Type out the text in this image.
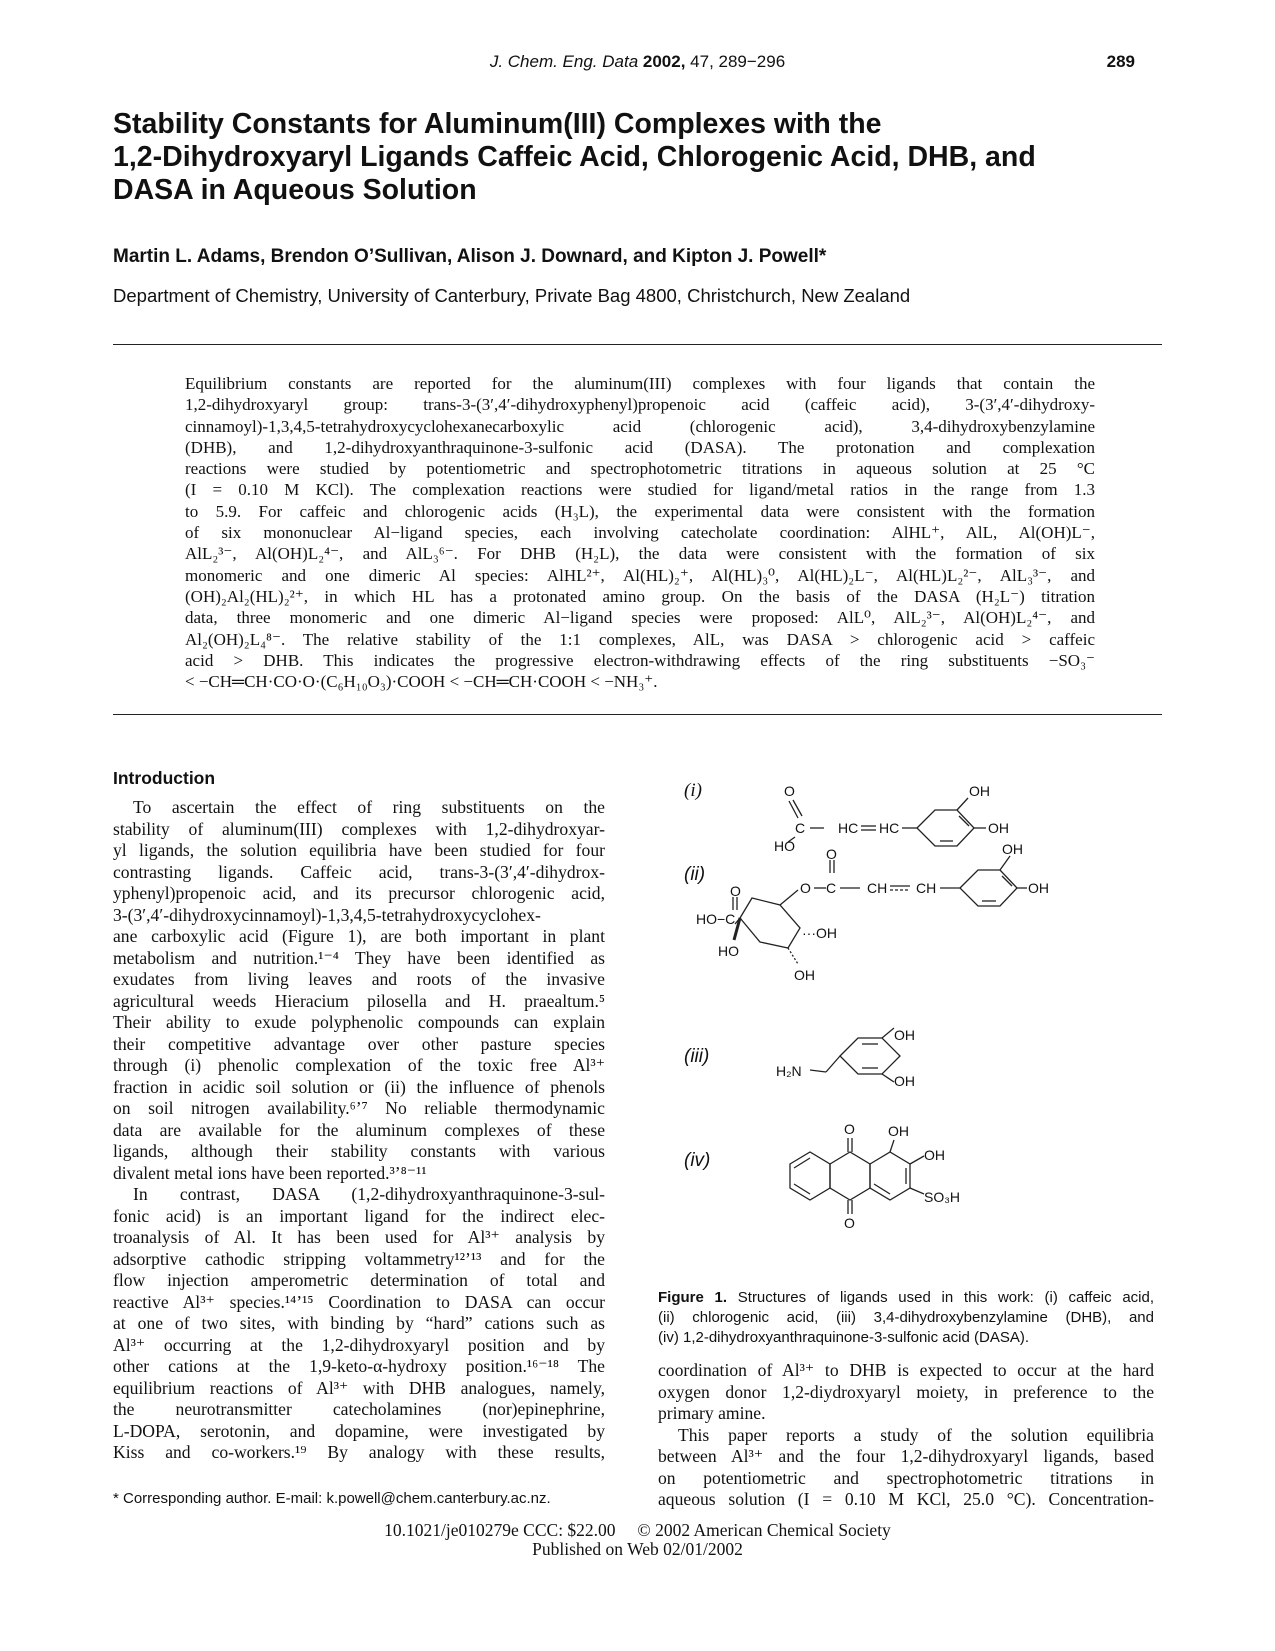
J. Chem. Eng. Data 2002, 47, 289−296	289
Stability Constants for Aluminum(III) Complexes with the
1,2-Dihydroxyaryl Ligands Caffeic Acid, Chlorogenic Acid, DHB, and
DASA in Aqueous Solution
Martin L. Adams, Brendon O’Sullivan, Alison J. Downard, and Kipton J. Powell*
Department of Chemistry, University of Canterbury, Private Bag 4800, Christchurch, New Zealand
Equilibrium constants are reported for the aluminum(III) complexes with four ligands that contain the
1,2-dihydroxyaryl group: trans-3-(3′,4′-dihydroxyphenyl)propenoic acid (caffeic acid), 3-(3′,4′-dihydroxy-
cinnamoyl)-1,3,4,5-tetrahydroxycyclohexanecarboxylic acid (chlorogenic acid), 3,4-dihydroxybenzylamine
(DHB), and 1,2-dihydroxyanthraquinone-3-sulfonic acid (DASA). The protonation and complexation
reactions were studied by potentiometric and spectrophotometric titrations in aqueous solution at 25 °C
(I = 0.10 M KCl). The complexation reactions were studied for ligand/metal ratios in the range from 1.3
to 5.9. For caffeic and chlorogenic acids (H₃L), the experimental data were consistent with the formation
of six mononuclear Al−ligand species, each involving catecholate coordination: AlHL⁺, AlL, Al(OH)L⁻,
AlL₂³⁻, Al(OH)L₂⁴⁻, and AlL₃⁶⁻. For DHB (H₂L), the data were consistent with the formation of six
monomeric and one dimeric Al species: AlHL²⁺, Al(HL)₂⁺, Al(HL)₃⁰, Al(HL)₂L⁻, Al(HL)L₂²⁻, AlL₃³⁻, and
(OH)₂Al₂(HL)₂²⁺, in which HL has a protonated amino group. On the basis of the DASA (H₂L⁻) titration
data, three monomeric and one dimeric Al−ligand species were proposed: AlL⁰, AlL₂³⁻, Al(OH)L₂⁴⁻, and
Al₂(OH)₂L₄⁸⁻. The relative stability of the 1:1 complexes, AlL, was DASA > chlorogenic acid > caffeic
acid > DHB. This indicates the progressive electron-withdrawing effects of the ring substituents −SO₃⁻
< −CH═CH·CO·O·(C₆H₁₀O₃)·COOH < −CH═CH·COOH < −NH₃⁺.
Introduction
To ascertain the effect of ring substituents on the
stability of aluminum(III) complexes with 1,2-dihydroxyar-
yl ligands, the solution equilibria have been studied for four
contrasting ligands. Caffeic acid, trans-3-(3′,4′-dihydrox-
yphenyl)propenoic acid, and its precursor chlorogenic acid,
3-(3′,4′-dihydroxycinnamoyl)-1,3,4,5-tetrahydroxycyclohex-
ane carboxylic acid (Figure 1), are both important in plant
metabolism and nutrition.¹⁻⁴ They have been identified as
exudates from living leaves and roots of the invasive
agricultural weeds Hieracium pilosella and H. praealtum.⁵
Their ability to exude polyphenolic compounds can explain
their competitive advantage over other pasture species
through (i) phenolic complexation of the toxic free Al³⁺
fraction in acidic soil solution or (ii) the influence of phenols
on soil nitrogen availability.⁶ʼ⁷ No reliable thermodynamic
data are available for the aluminum complexes of these
ligands, although their stability constants with various
divalent metal ions have been reported.³ʼ⁸⁻¹¹
In contrast, DASA (1,2-dihydroxyanthraquinone-3-sul-
fonic acid) is an important ligand for the indirect elec-
troanalysis of Al. It has been used for Al³⁺ analysis by
adsorptive cathodic stripping voltammetry¹²ʼ¹³ and for the
flow injection amperometric determination of total and
reactive Al³⁺ species.¹⁴ʼ¹⁵ Coordination to DASA can occur
at one of two sites, with binding by “hard” cations such as
Al³⁺ occurring at the 1,2-dihydroxyaryl position and by
other cations at the 1,9-keto-α-hydroxy position.¹⁶⁻¹⁸ The
equilibrium reactions of Al³⁺ with DHB analogues, namely,
the neurotransmitter catecholamines (nor)epinephrine,
L-DOPA, serotonin, and dopamine, were investigated by
Kiss and co-workers.¹⁹ By analogy with these results,
(i)
(ii)
(iii)
(iv)
O
C
HO
HC HC
OH
OH
O C
O
CH CH
OH
OH
HO−C
O
HO
···OH
OH
OH
OH
H₂N
O
O
OH
OH
SO₃H
Figure 1. Structures of ligands used in this work: (i) caffeic acid,
(ii) chlorogenic acid, (iii) 3,4-dihydroxybenzylamine (DHB), and
(iv) 1,2-dihydroxyanthraquinone-3-sulfonic acid (DASA).
coordination of Al³⁺ to DHB is expected to occur at the hard
oxygen donor 1,2-diydroxyaryl moiety, in preference to the
primary amine.
This paper reports a study of the solution equilibria
between Al³⁺ and the four 1,2-dihydroxyaryl ligands, based
on potentiometric and spectrophotometric titrations in
aqueous solution (I = 0.10 M KCl, 25.0 °C). Concentration-
* Corresponding author. E-mail: k.powell@chem.canterbury.ac.nz.
10.1021/je010279e CCC: $22.00     © 2002 American Chemical Society
Published on Web 02/01/2002
